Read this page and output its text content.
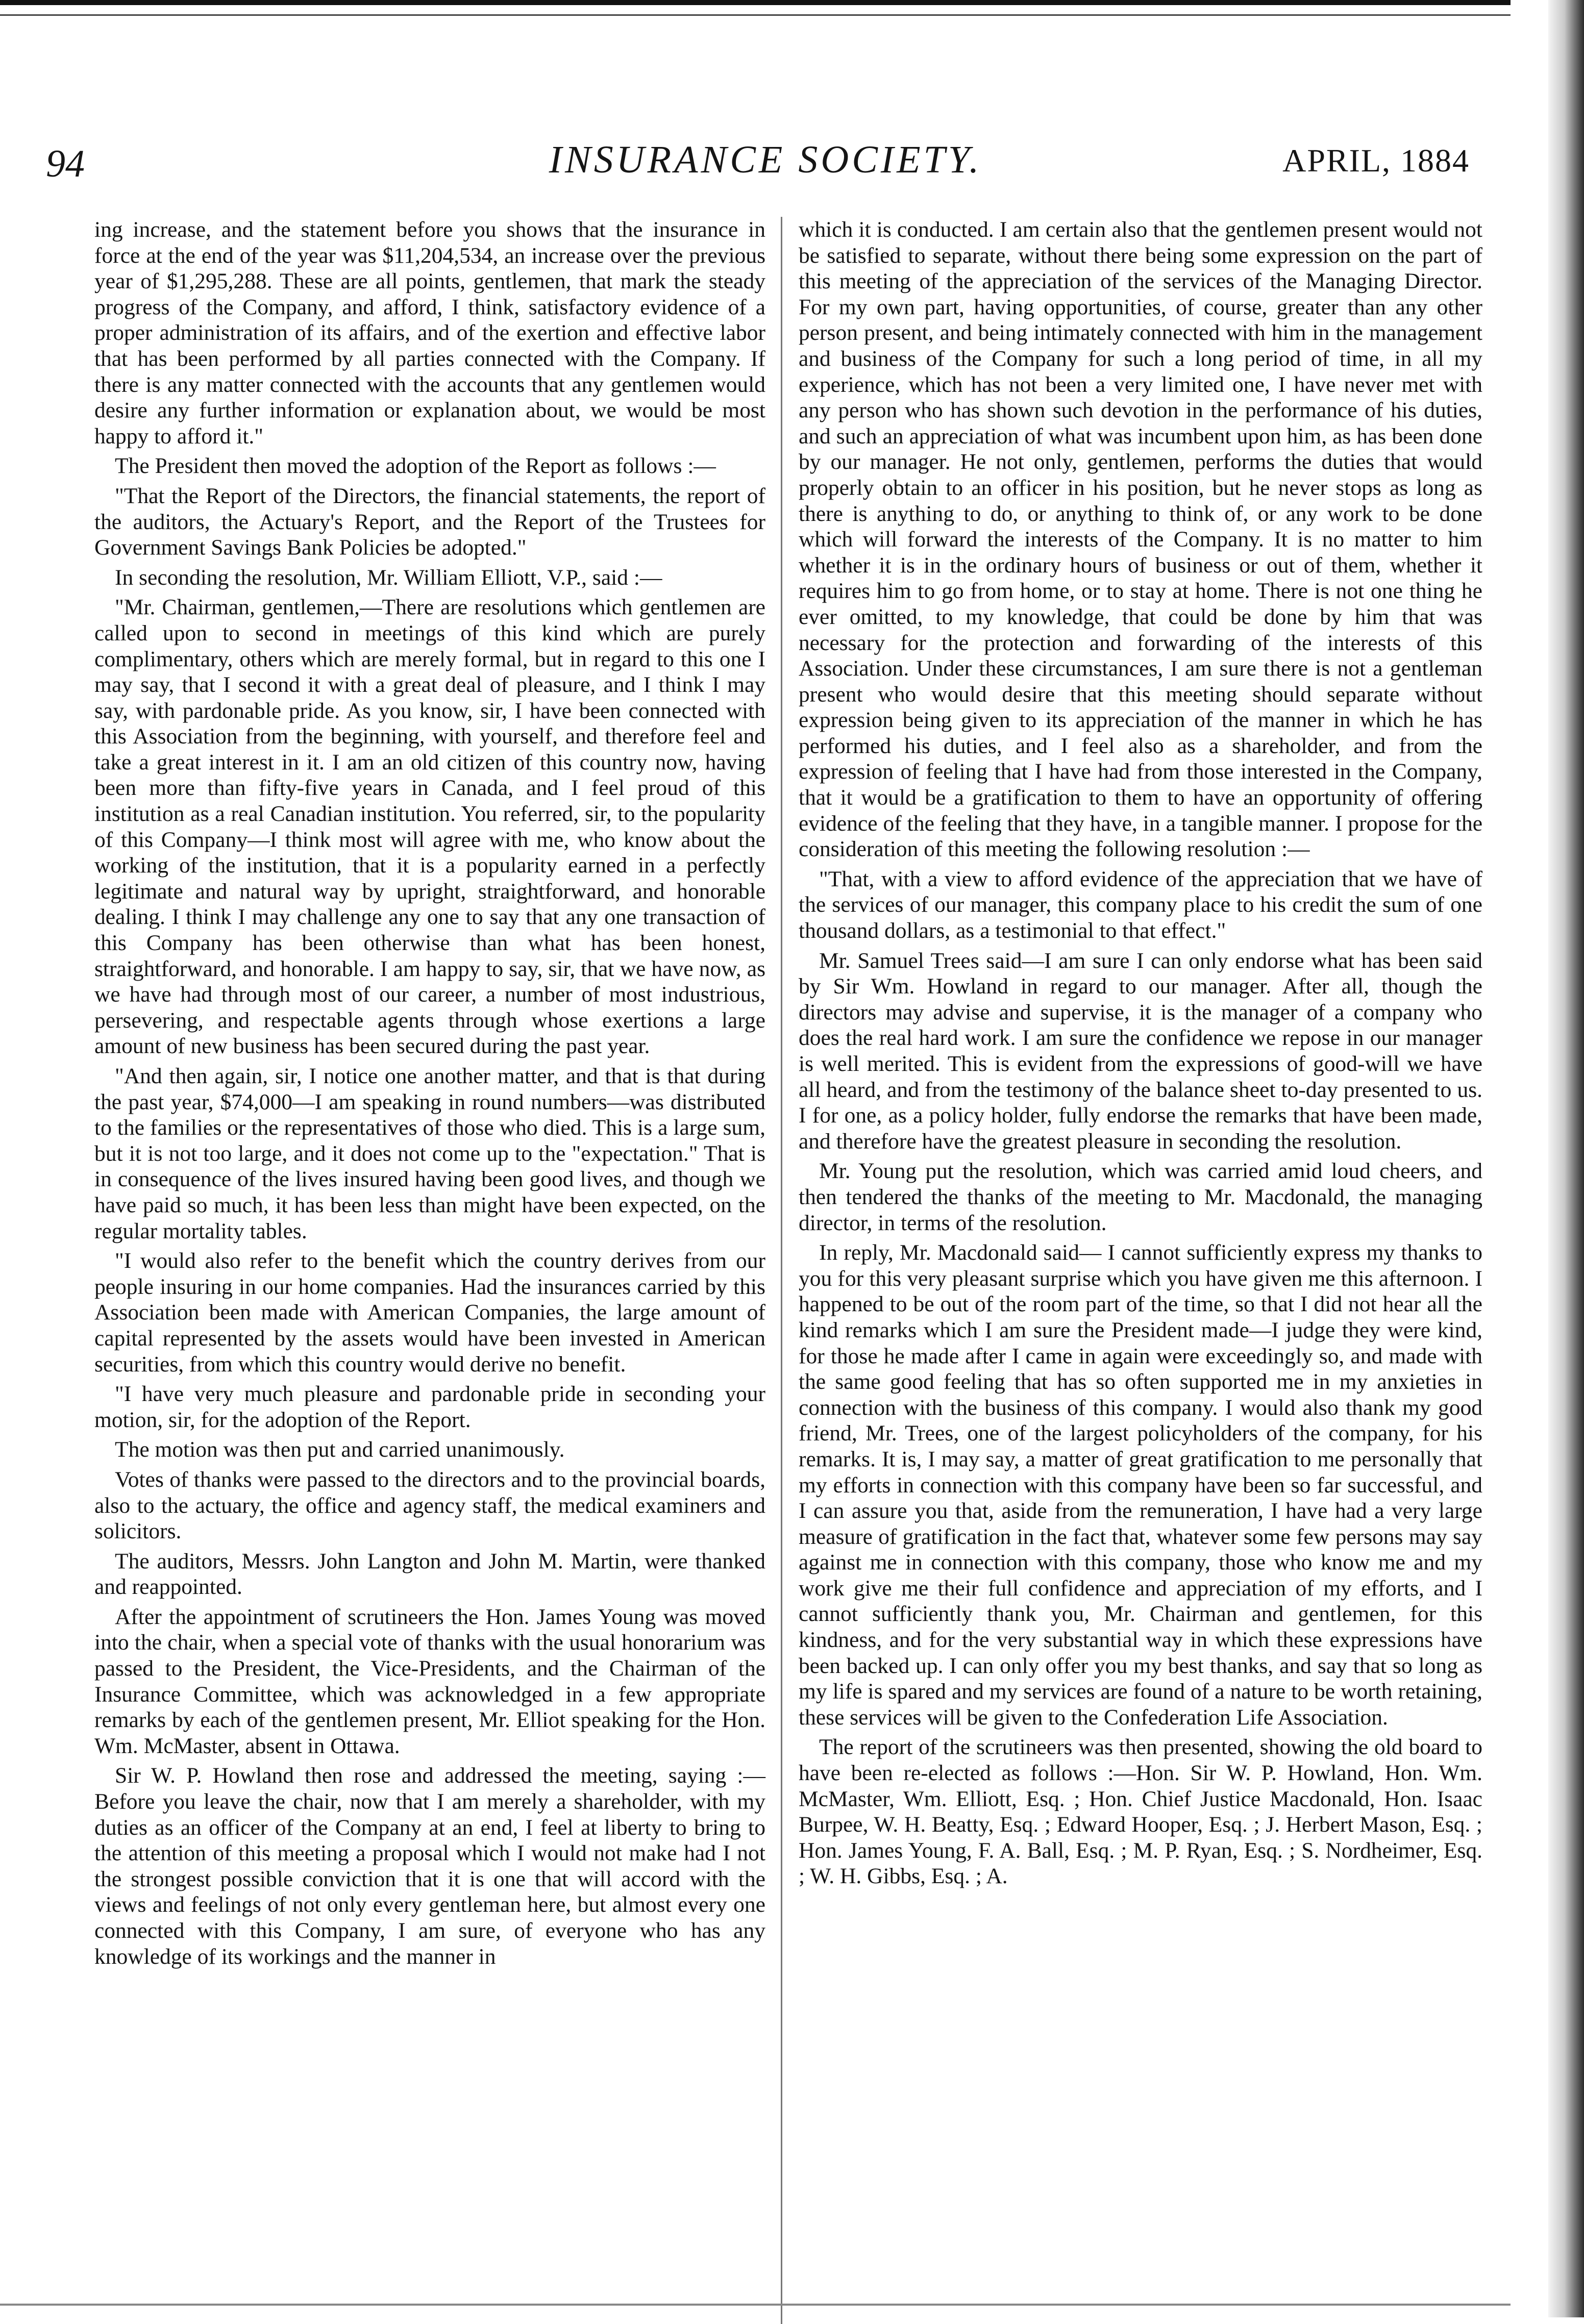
94	INSURANCE SOCIETY.	APRIL, 1884

ing increase, and the statement before you shows that the insurance in force at the end of the year was $11,204,534, an increase over the previous year of $1,295,288. These are all points, gentlemen, that mark the steady progress of the Company, and afford, I think, satisfactory evidence of a proper administration of its affairs, and of the exertion and effective labor that has been performed by all parties connected with the Company. If there is any matter connected with the accounts that any gentlemen would desire any further information or explanation about, we would be most happy to afford it."

The President then moved the adoption of the Report as follows :—

"That the Report of the Directors, the financial statements, the report of the auditors, the Actuary's Report, and the Report of the Trustees for Government Savings Bank Policies be adopted."

In seconding the resolution, Mr. William Elliott, V.P., said :—

"Mr. Chairman, gentlemen,—There are resolutions which gentlemen are called upon to second in meetings of this kind which are purely complimentary, others which are merely formal, but in regard to this one I may say, that I second it with a great deal of pleasure, and I think I may say, with pardonable pride. As you know, sir, I have been connected with this Association from the beginning, with yourself, and therefore feel and take a great interest in it. I am an old citizen of this country now, having been more than fifty-five years in Canada, and I feel proud of this institution as a real Canadian institution. You referred, sir, to the popularity of this Company—I think most will agree with me, who know about the working of the institution, that it is a popularity earned in a perfectly legitimate and natural way by upright, straightforward, and honorable dealing. I think I may challenge any one to say that any one transaction of this Company has been otherwise than what has been honest, straightforward, and honorable. I am happy to say, sir, that we have now, as we have had through most of our career, a number of most industrious, persevering, and respectable agents through whose exertions a large amount of new business has been secured during the past year.

"And then again, sir, I notice one another matter, and that is that during the past year, $74,000—I am speaking in round numbers—was distributed to the families or the representatives of those who died. This is a large sum, but it is not too large, and it does not come up to the "expectation." That is in consequence of the lives insured having been good lives, and though we have paid so much, it has been less than might have been expected, on the regular mortality tables.

"I would also refer to the benefit which the country derives from our people insuring in our home companies. Had the insurances carried by this Association been made with American Companies, the large amount of capital represented by the assets would have been invested in American securities, from which this country would derive no benefit.

"I have very much pleasure and pardonable pride in seconding your motion, sir, for the adoption of the Report.

The motion was then put and carried unanimously.

Votes of thanks were passed to the directors and to the provincial boards, also to the actuary, the office and agency staff, the medical examiners and solicitors.

The auditors, Messrs. John Langton and John M. Martin, were thanked and reappointed.

After the appointment of scrutineers the Hon. James Young was moved into the chair, when a special vote of thanks with the usual honorarium was passed to the President, the Vice-Presidents, and the Chairman of the Insurance Committee, which was acknowledged in a few appropriate remarks by each of the gentlemen present, Mr. Elliot speaking for the Hon. Wm. McMaster, absent in Ottawa.

Sir W. P. Howland then rose and addressed the meeting, saying :— Before you leave the chair, now that I am merely a shareholder, with my duties as an officer of the Company at an end, I feel at liberty to bring to the attention of this meeting a proposal which I would not make had I not the strongest possible conviction that it is one that will accord with the views and feelings of not only every gentleman here, but almost every one connected with this Company, I am sure, of everyone who has any knowledge of its workings and the manner in

which it is conducted. I am certain also that the gentlemen present would not be satisfied to separate, without there being some expression on the part of this meeting of the appreciation of the services of the Managing Director. For my own part, having opportunities, of course, greater than any other person present, and being intimately connected with him in the management and business of the Company for such a long period of time, in all my experience, which has not been a very limited one, I have never met with any person who has shown such devotion in the performance of his duties, and such an appreciation of what was incumbent upon him, as has been done by our manager. He not only, gentlemen, performs the duties that would properly obtain to an officer in his position, but he never stops as long as there is anything to do, or anything to think of, or any work to be done which will forward the interests of the Company. It is no matter to him whether it is in the ordinary hours of business or out of them, whether it requires him to go from home, or to stay at home. There is not one thing he ever omitted, to my knowledge, that could be done by him that was necessary for the protection and forwarding of the interests of this Association. Under these circumstances, I am sure there is not a gentleman present who would desire that this meeting should separate without expression being given to its appreciation of the manner in which he has performed his duties, and I feel also as a shareholder, and from the expression of feeling that I have had from those interested in the Company, that it would be a gratification to them to have an opportunity of offering evidence of the feeling that they have, in a tangible manner. I propose for the consideration of this meeting the following resolution :—

"That, with a view to afford evidence of the appreciation that we have of the services of our manager, this company place to his credit the sum of one thousand dollars, as a testimonial to that effect."

Mr. Samuel Trees said—I am sure I can only endorse what has been said by Sir Wm. Howland in regard to our manager. After all, though the directors may advise and supervise, it is the manager of a company who does the real hard work. I am sure the confidence we repose in our manager is well merited. This is evident from the expressions of good-will we have all heard, and from the testimony of the balance sheet to-day presented to us. I for one, as a policy holder, fully endorse the remarks that have been made, and therefore have the greatest pleasure in seconding the resolution.

Mr. Young put the resolution, which was carried amid loud cheers, and then tendered the thanks of the meeting to Mr. Macdonald, the managing director, in terms of the resolution.

In reply, Mr. Macdonald said— I cannot sufficiently express my thanks to you for this very pleasant surprise which you have given me this afternoon. I happened to be out of the room part of the time, so that I did not hear all the kind remarks which I am sure the President made—I judge they were kind, for those he made after I came in again were exceedingly so, and made with the same good feeling that has so often supported me in my anxieties in connection with the business of this company. I would also thank my good friend, Mr. Trees, one of the largest policyholders of the company, for his remarks. It is, I may say, a matter of great gratification to me personally that my efforts in connection with this company have been so far successful, and I can assure you that, aside from the remuneration, I have had a very large measure of gratification in the fact that, whatever some few persons may say against me in connection with this company, those who know me and my work give me their full confidence and appreciation of my efforts, and I cannot sufficiently thank you, Mr. Chairman and gentlemen, for this kindness, and for the very substantial way in which these expressions have been backed up. I can only offer you my best thanks, and say that so long as my life is spared and my services are found of a nature to be worth retaining, these services will be given to the Confederation Life Association.

The report of the scrutineers was then presented, showing the old board to have been re-elected as follows :—Hon. Sir W. P. Howland, Hon. Wm. McMaster, Wm. Elliott, Esq. ; Hon. Chief Justice Macdonald, Hon. Isaac Burpee, W. H. Beatty, Esq. ; Edward Hooper, Esq. ; J. Herbert Mason, Esq. ; Hon. James Young, F. A. Ball, Esq. ; M. P. Ryan, Esq. ; S. Nordheimer, Esq. ; W. H. Gibbs, Esq. ; A.
